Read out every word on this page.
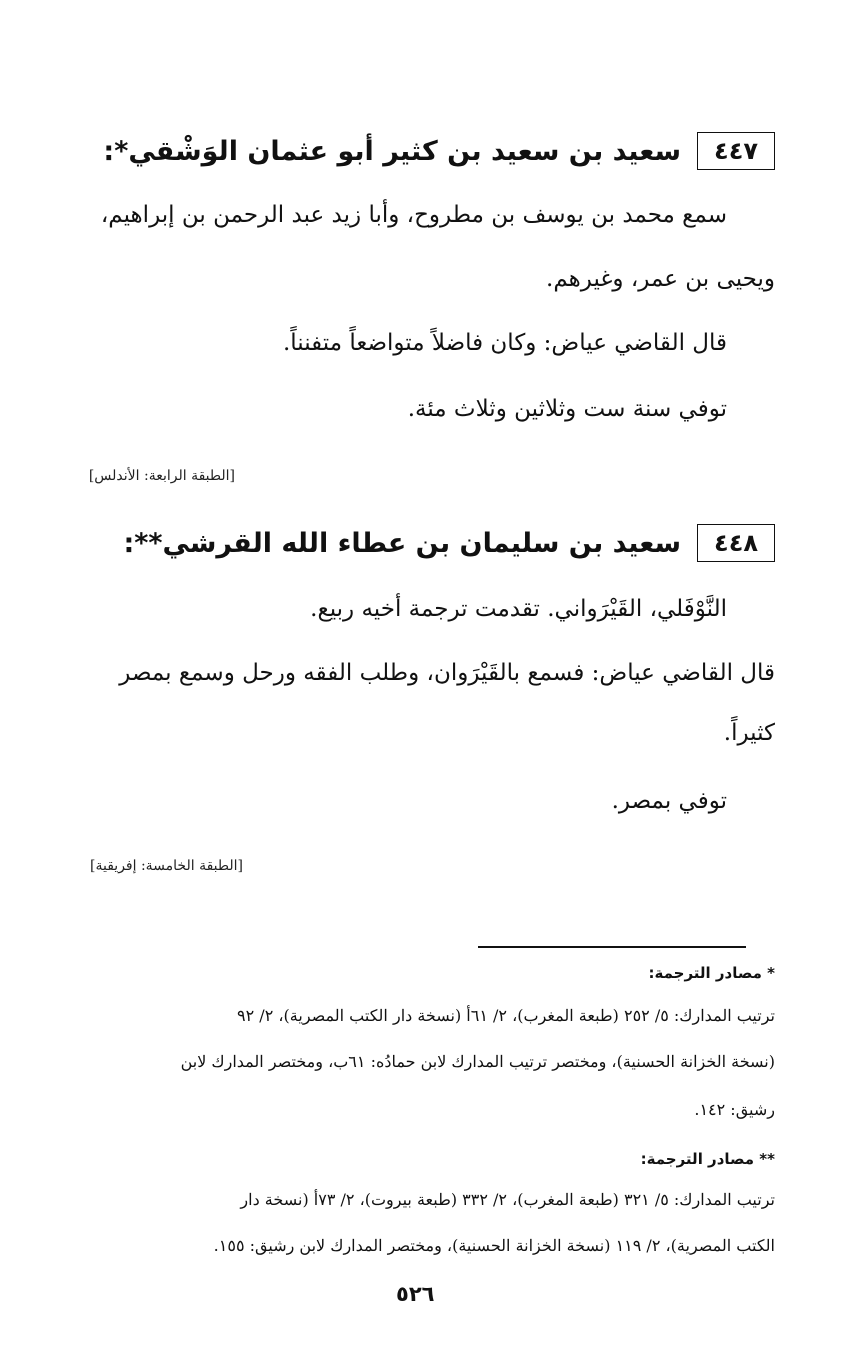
٤٤٧
سعيد بن سعيد بن كثير أبو عثمان الوَشْقي*:
سمع محمد بن يوسف بن مطروح، وأبا زيد عبد الرحمن بن إبراهيم،
ويحيى بن عمر، وغيرهم.
قال القاضي عياض: وكان فاضلاً متواضعاً متفنناً.
توفي سنة ست وثلاثين وثلاث مئة.
[الطبقة الرابعة: الأندلس]
٤٤٨
سعيد بن سليمان بن عطاء الله القرشي**:
النَّوْفَلي، القَيْرَواني. تقدمت ترجمة أخيه ربيع.
قال القاضي عياض: فسمع بالقَيْرَوان، وطلب الفقه ورحل وسمع بمصر
كثيراً.
توفي بمصر.
[الطبقة الخامسة: إفريقية]
* مصادر الترجمة:
ترتيب المدارك: ٥/ ٢٥٢ (طبعة المغرب)، ٢/ ٦١أ (نسخة دار الكتب المصرية)، ٢/ ٩٢
(نسخة الخزانة الحسنية)، ومختصر ترتيب المدارك لابن حمادُه: ٦١ب، ومختصر المدارك لابن
رشيق: ١٤٢.
** مصادر الترجمة:
ترتيب المدارك: ٥/ ٣٢١ (طبعة المغرب)، ٢/ ٣٣٢ (طبعة بيروت)، ٢/ ٧٣أ (نسخة دار
الكتب المصرية)، ٢/ ١١٩ (نسخة الخزانة الحسنية)، ومختصر المدارك لابن رشيق: ١٥٥.
٥٢٦
